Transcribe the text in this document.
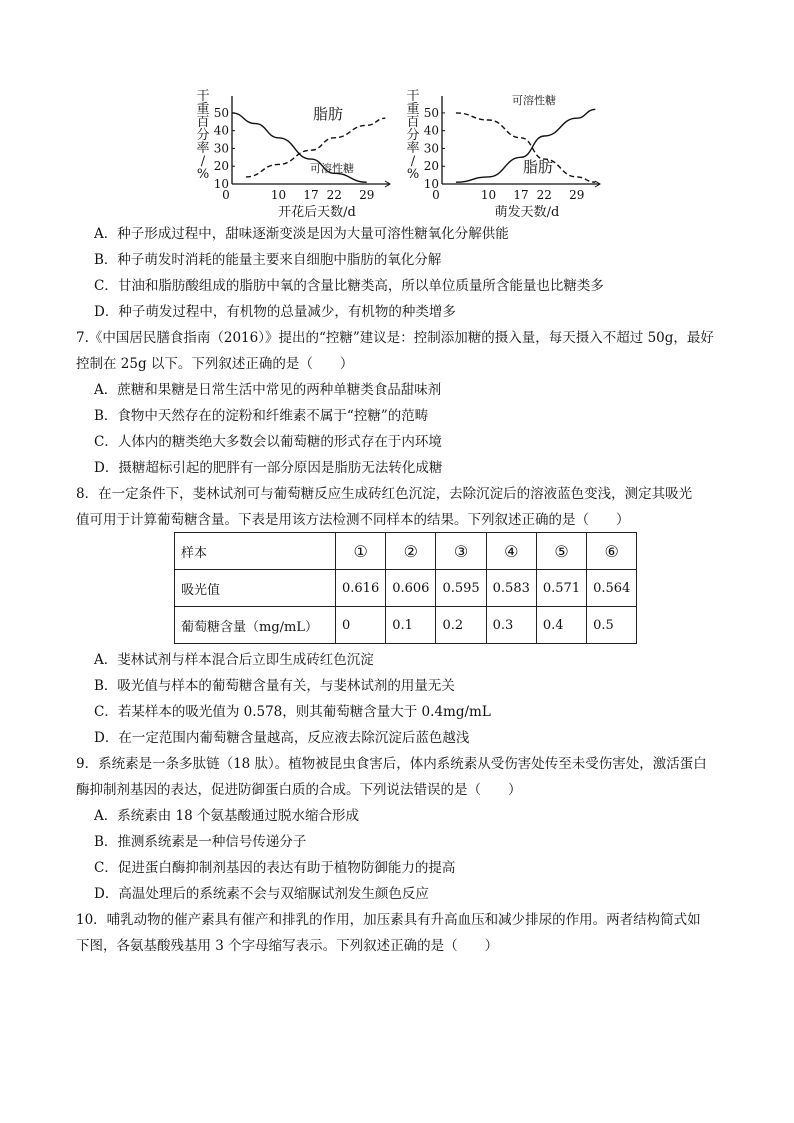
10
20
30
40
50
0	10 17 22 29
干
重
百
分
率
/
%
开花后天数/d
脂肪
可溶性糖
10
20
30
40
50
0	10 17 22 29
干
重
百
分
率
/
%
萌发天数/d
可溶性糖
脂肪
A．种子形成过程中，甜味逐渐变淡是因为大量可溶性糖氧化分解供能
B．种子萌发时消耗的能量主要来自细胞中脂肪的氧化分解
C．甘油和脂肪酸组成的脂肪中氧的含量比糖类高，所以单位质量所含能量也比糖类多
D．种子萌发过程中，有机物的总量减少，有机物的种类增多
7.《中国居民膳食指南（2016）》提出的“控糖”建议是：控制添加糖的摄入量，每天摄入不超过 50g，最好
控制在 25g 以下。下列叙述正确的是（　　）
A．蔗糖和果糖是日常生活中常见的两种单糖类食品甜味剂
B．食物中天然存在的淀粉和纤维素不属于“控糖”的范畴
C．人体内的糖类绝大多数会以葡萄糖的形式存在于内环境
D．摄糖超标引起的肥胖有一部分原因是脂肪无法转化成糖
8．在一定条件下，斐林试剂可与葡萄糖反应生成砖红色沉淀，去除沉淀后的溶液蓝色变浅，测定其吸光
值可用于计算葡萄糖含量。下表是用该方法检测不同样本的结果。下列叙述正确的是（　　）
样本	①	②	③	④	⑤	⑥
吸光值	0.616	0.606	0.595	0.583	0.571	0.564
葡萄糖含量（mg/mL）	0	0.1	0.2	0.3	0.4	0.5
A．斐林试剂与样本混合后立即生成砖红色沉淀
B．吸光值与样本的葡萄糖含量有关，与斐林试剂的用量无关
C．若某样本的吸光值为 0.578，则其葡萄糖含量大于 0.4mg/mL
D．在一定范围内葡萄糖含量越高，反应液去除沉淀后蓝色越浅
9．系统素是一条多肽链（18 肽）。植物被昆虫食害后，体内系统素从受伤害处传至未受伤害处，激活蛋白
酶抑制剂基因的表达，促进防御蛋白质的合成。下列说法错误的是（　　）
A．系统素由 18 个氨基酸通过脱水缩合形成
B．推测系统素是一种信号传递分子
C．促进蛋白酶抑制剂基因的表达有助于植物防御能力的提高
D．高温处理后的系统素不会与双缩脲试剂发生颜色反应
10．哺乳动物的催产素具有催产和排乳的作用，加压素具有升高血压和减少排尿的作用。两者结构简式如
下图，各氨基酸残基用 3 个字母缩写表示。下列叙述正确的是（　　）
